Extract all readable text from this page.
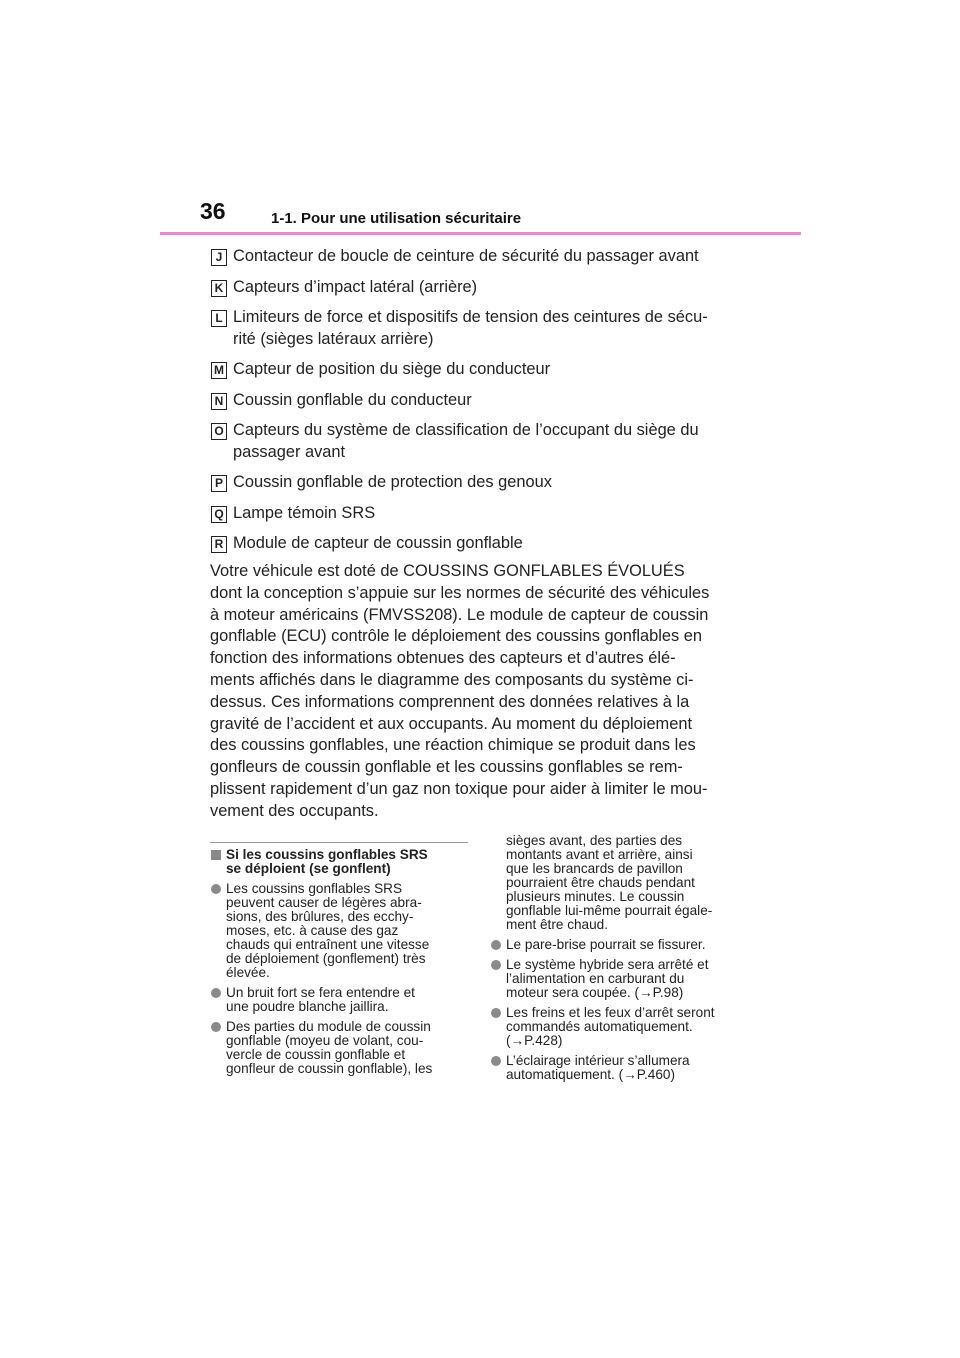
36	1-1. Pour une utilisation sécuritaire
J Contacteur de boucle de ceinture de sécurité du passager avant
K Capteurs d’impact latéral (arrière)
L Limiteurs de force et dispositifs de tension des ceintures de sécu-
rité (sièges latéraux arrière)
M Capteur de position du siège du conducteur
N Coussin gonflable du conducteur
O Capteurs du système de classification de l’occupant du siège du
passager avant
P Coussin gonflable de protection des genoux
Q Lampe témoin SRS
R Module de capteur de coussin gonflable
Votre véhicule est doté de COUSSINS GONFLABLES ÉVOLUÉS
dont la conception s’appuie sur les normes de sécurité des véhicules
à moteur américains (FMVSS208). Le module de capteur de coussin
gonflable (ECU) contrôle le déploiement des coussins gonflables en
fonction des informations obtenues des capteurs et d’autres élé-
ments affichés dans le diagramme des composants du système ci-
dessus. Ces informations comprennent des données relatives à la
gravité de l’accident et aux occupants. Au moment du déploiement
des coussins gonflables, une réaction chimique se produit dans les
gonfleurs de coussin gonflable et les coussins gonflables se rem-
plissent rapidement d’un gaz non toxique pour aider à limiter le mou-
vement des occupants.
Si les coussins gonflables SRS
se déploient (se gonflent)
Les coussins gonflables SRS
peuvent causer de légères abra-
sions, des brûlures, des ecchy-
moses, etc. à cause des gaz
chauds qui entraînent une vitesse
de déploiement (gonflement) très
élevée.
Un bruit fort se fera entendre et
une poudre blanche jaillira.
Des parties du module de coussin
gonflable (moyeu de volant, cou-
vercle de coussin gonflable et
gonfleur de coussin gonflable), les
sièges avant, des parties des
montants avant et arrière, ainsi
que les brancards de pavillon
pourraient être chauds pendant
plusieurs minutes. Le coussin
gonflable lui-même pourrait égale-
ment être chaud.
Le pare-brise pourrait se fissurer.
Le système hybride sera arrêté et
l’alimentation en carburant du
moteur sera coupée. (→P.98)
Les freins et les feux d’arrêt seront
commandés automatiquement.
(→P.428)
L’éclairage intérieur s’allumera
automatiquement. (→P.460)
